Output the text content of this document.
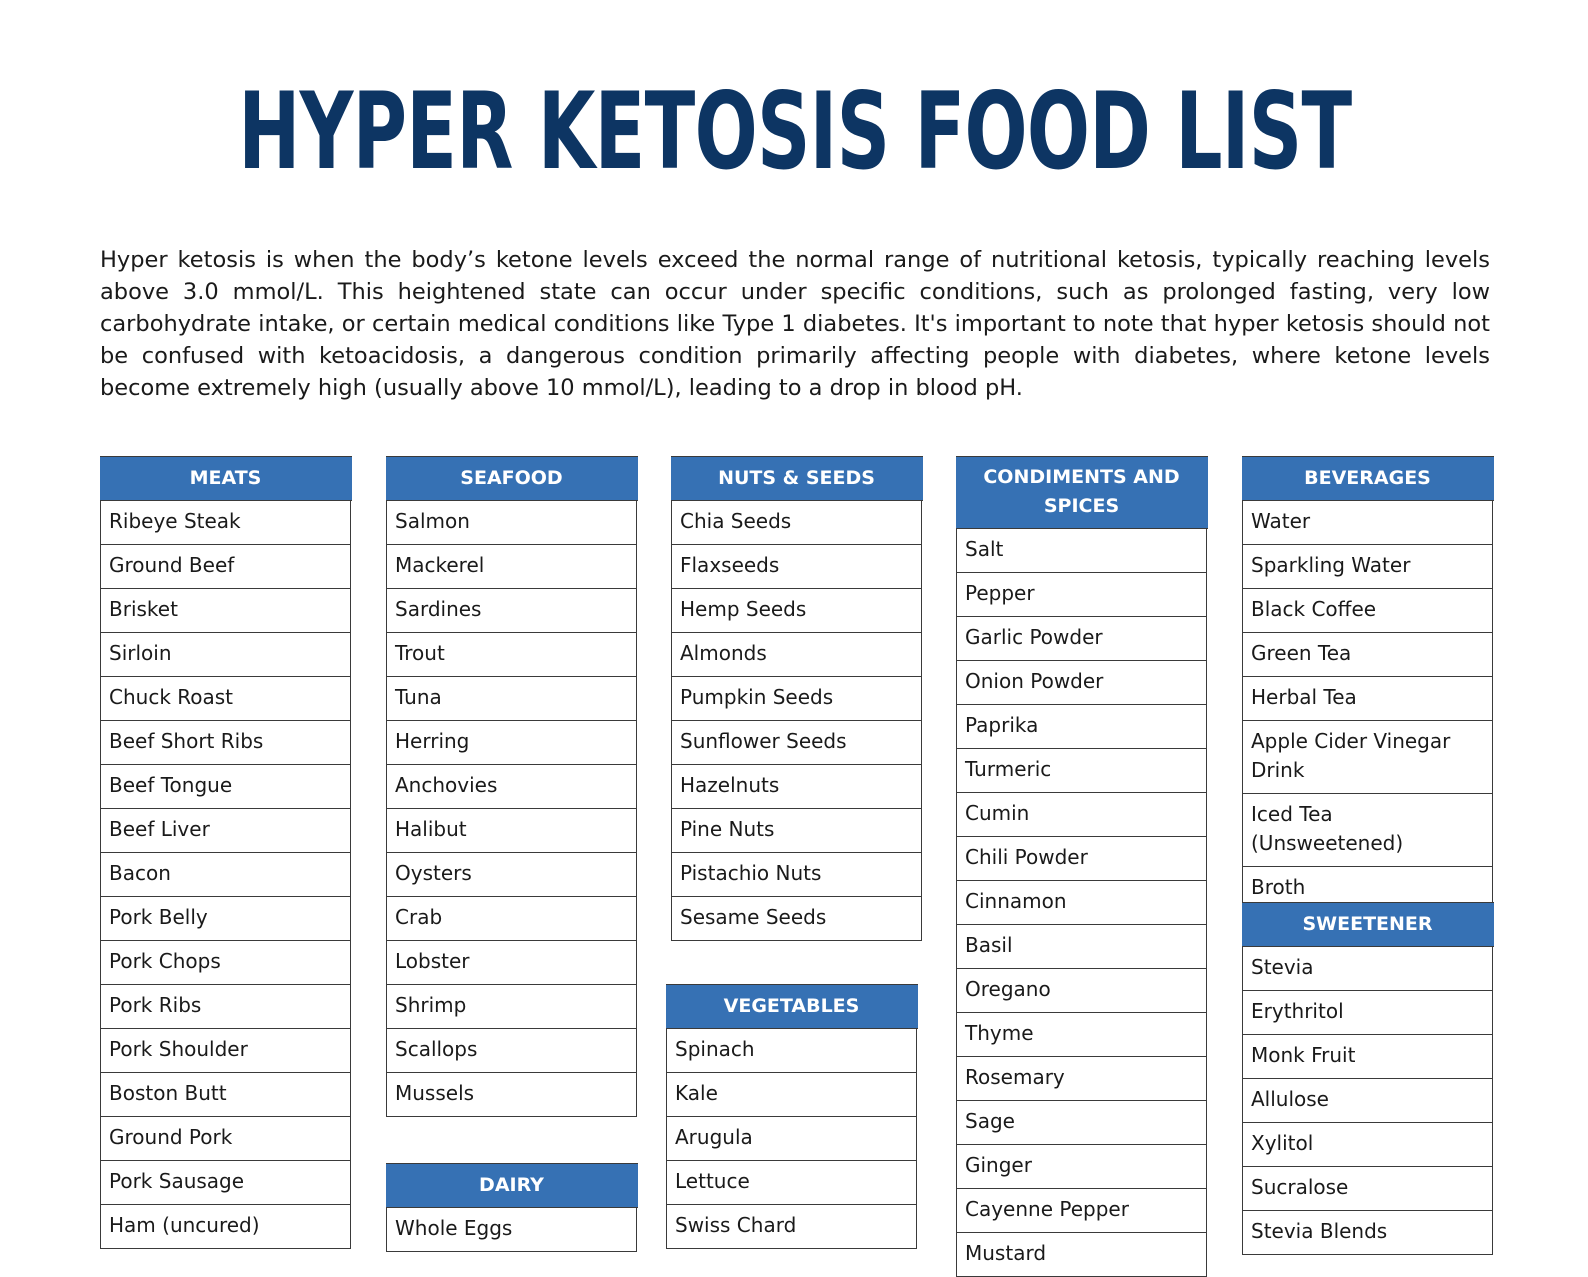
HYPER KETOSIS FOOD LIST

Hyper ketosis is when the body’s ketone levels exceed the normal range of nutritional ketosis, typically reaching levels above 3.0 mmol/L. This heightened state can occur under specific conditions, such as prolonged fasting, very low carbohydrate intake, or certain medical conditions like Type 1 diabetes. It's important to note that hyper ketosis should not be confused with ketoacidosis, a dangerous condition primarily affecting people with diabetes, where ketone levels become extremely high (usually above 10 mmol/L), leading to a drop in blood pH.

MEATS
Ribeye Steak
Ground Beef
Brisket
Sirloin
Chuck Roast
Beef Short Ribs
Beef Tongue
Beef Liver
Bacon
Pork Belly
Pork Chops
Pork Ribs
Pork Shoulder
Boston Butt
Ground Pork
Pork Sausage
Ham (uncured)
SEAFOOD
Salmon
Mackerel
Sardines
Trout
Tuna
Herring
Anchovies
Halibut
Oysters
Crab
Lobster
Shrimp
Scallops
Mussels
DAIRY
Whole Eggs
NUTS & SEEDS
Chia Seeds
Flaxseeds
Hemp Seeds
Almonds
Pumpkin Seeds
Sunflower Seeds
Hazelnuts
Pine Nuts
Pistachio Nuts
Sesame Seeds
VEGETABLES
Spinach
Kale
Arugula
Lettuce
Swiss Chard
CONDIMENTS AND SPICES
Salt
Pepper
Garlic Powder
Onion Powder
Paprika
Turmeric
Cumin
Chili Powder
Cinnamon
Basil
Oregano
Thyme
Rosemary
Sage
Ginger
Cayenne Pepper
Mustard
BEVERAGES
Water
Sparkling Water
Black Coffee
Green Tea
Herbal Tea
Apple Cider Vinegar Drink
Iced Tea (Unsweetened)
Broth
SWEETENER
Stevia
Erythritol
Monk Fruit
Allulose
Xylitol
Sucralose
Stevia Blends
